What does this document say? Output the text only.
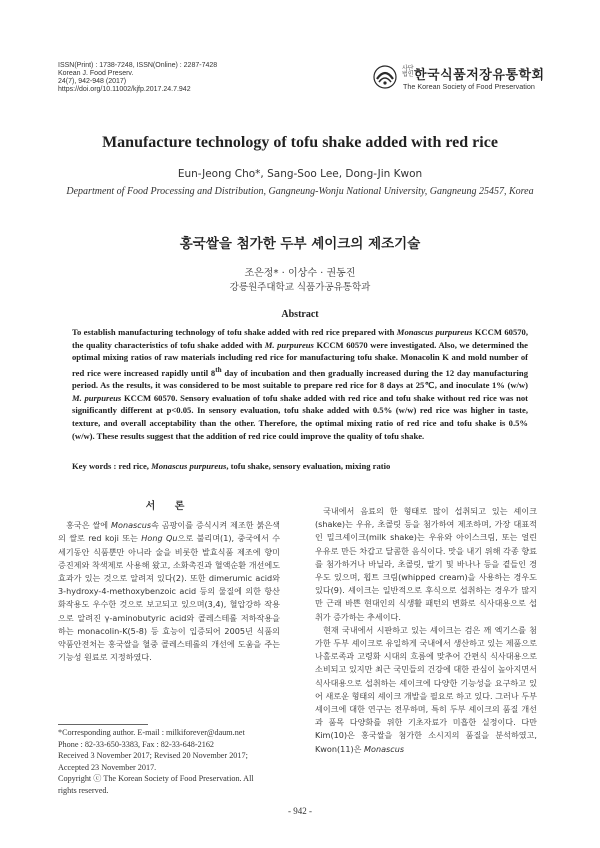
ISSN(Print) : 1738-7248, ISSN(Online) : 2287-7428
Korean J. Food Preserv.
24(7), 942-948 (2017)
https://doi.org/10.11002/kjfp.2017.24.7.942
사단법인 한국식품저장유통학회
The Korean Society of Food Preservation
Manufacture technology of tofu shake added with red rice
Eun-Jeong Cho*, Sang-Soo Lee, Dong-Jin Kwon
Department of Food Processing and Distribution, Gangneung-Wonju National University, Gangneung 25457, Korea
홍국쌀을 첨가한 두부 셰이크의 제조기술
조은정* · 이상수 · 권동진
강릉원주대학교 식품가공유통학과
Abstract
To establish manufacturing technology of tofu shake added with red rice prepared with Monascus purpureus KCCM 60570, the quality characteristics of tofu shake added with M. purpureus KCCM 60570 were investigated. Also, we determined the optimal mixing ratios of raw materials including red rice for manufacturing tofu shake. Monacolin K and mold number of red rice were increased rapidly until 8th day of incubation and then gradually increased during the 12 day manufacturing period. As the results, it was considered to be most suitable to prepare red rice for 8 days at 25℃, and inoculate 1% (w/w) M. purpureus KCCM 60570. Sensory evaluation of tofu shake added with red rice and tofu shake without red rice was not significantly different at p<0.05. In sensory evaluation, tofu shake added with 0.5% (w/w) red rice was higher in taste, texture, and overall acceptability than the other. Therefore, the optimal mixing ratio of red rice and tofu shake is 0.5% (w/w). These results suggest that the addition of red rice could improve the quality of tofu shake.
Key words : red rice, Monascus purpureus, tofu shake, sensory evaluation, mixing ratio
서 론

홍국은 쌀에 Monascus속 곰팡이를 증식시켜 제조한 붉은색의 쌀로 red koji 또는 Hong Qu으로 불리며(1), 중국에서 수세기동안 식품뿐만 아니라 술을 비롯한 발효식품 제조에 향미 증진제와 착색제로 사용해 왔고, 소화촉진과 혈액순환 개선에도 효과가 있는 것으로 알려져 있다(2). 또한 dimerumic acid와 3-hydroxy-4-methoxybenzoic acid 등의 물질에 의한 항산화작용도 우수한 것으로 보고되고 있으며(3,4), 혈압강하 작용으로 알려진 γ-aminobutyric acid와 콜레스테롤 저하작용을 하는 monacolin-K(5-8) 등 효능이 입증되어 2005년 식품의약품안전처는 홍국쌀을 혈중 콜레스테롤의 개선에 도움을 주는 기능성 원료로 지정하였다.

국내에서 음료의 한 형태로 많이 섭취되고 있는 셰이크(shake)는 우유, 초콜릿 등을 첨가하여 제조하며, 가장 대표적인 밀크셰이크(milk shake)는 우유와 아이스크림, 또는 얼린 우유로 만든 차갑고 달콤한 음식이다. 맛을 내기 위해 각종 향료를 첨가하거나 바닐라, 초콜릿, 딸기 및 바나나 등을 곁들인 경우도 있으며, 휩트 크림(whipped cream)을 사용하는 경우도 있다(9). 셰이크는 일반적으로 후식으로 섭취하는 경우가 많지만 근래 바쁜 현대인의 식생활 패턴의 변화로 식사대용으로 섭취가 증가하는 추세이다.

현재 국내에서 시판하고 있는 셰이크는 검은 깨 엑기스를 첨가한 두부 셰이크로 유일하게 국내에서 생산하고 있는 제품으로 나홀로족과 고령화 시대의 흐름에 맞추어 간편식 식사대용으로 소비되고 있지만 최근 국민들의 건강에 대한 관심이 높아지면서 식사대용으로 섭취하는 셰이크에 다양한 기능성을 요구하고 있어 새로운 형태의 셰이크 개발을 필요로 하고 있다. 그러나 두부 셰이크에 대한 연구는 전무하며, 특히 두부 셰이크의 품질 개선과 품목 다양화를 위한 기초자료가 미흡한 실정이다. 다만 Kim(10)은 홍국쌀을 첨가한 소시지의 품질을 분석하였고, Kwon(11)은 Monascus

*Corresponding author. E-mail : milkiforever@daum.net
Phone : 82-33-650-3383, Fax : 82-33-648-2162
Received 3 November 2017; Revised 20 November 2017;
Accepted 23 November 2017.
Copyright ⓒ The Korean Society of Food Preservation. All
rights reserved.
- 942 -
